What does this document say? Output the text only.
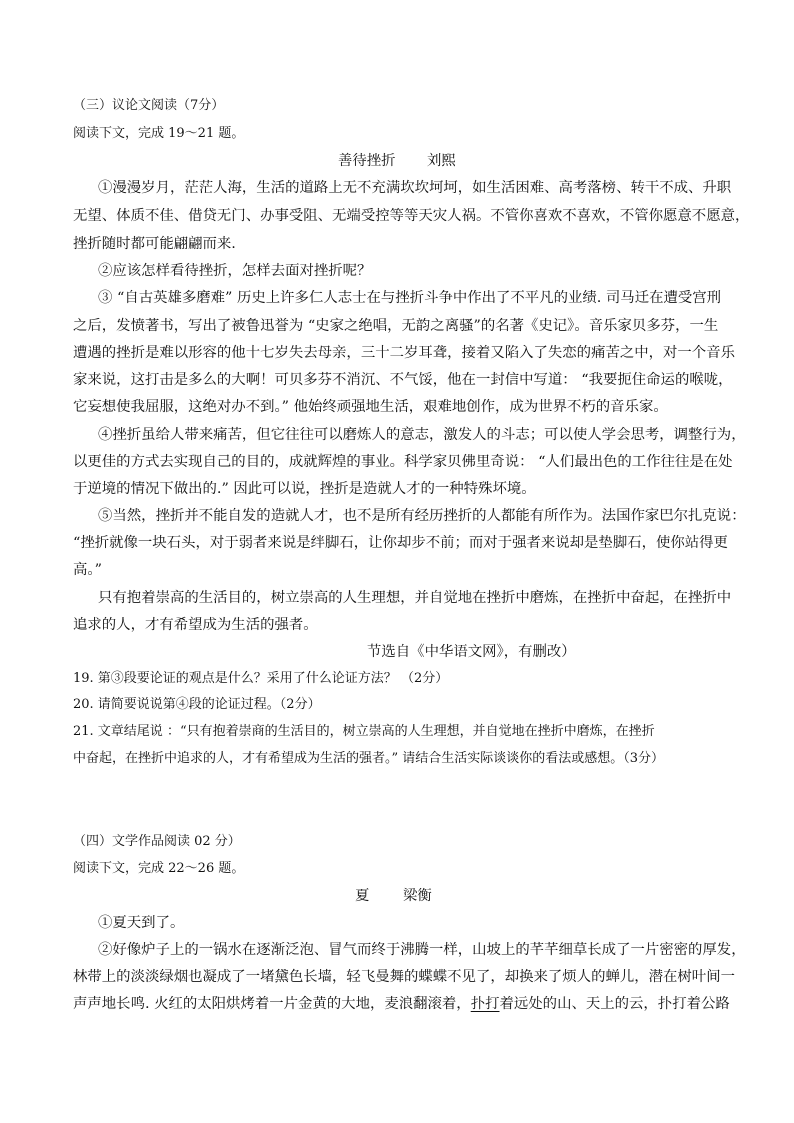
（三）议论文阅读（7分）
阅读下文，完成 19～21 题。
善待挫折 刘熙
①漫漫岁月，茫茫人海，生活的道路上无不充满坎坎坷坷，如生活困难、高考落榜、转干不成、升职
无望、体质不佳、借贷无门、办事受阻、无端受控等等天灾人祸。不管你喜欢不喜欢，不管你愿意不愿意，
挫折随时都可能翩翩而来.
②应该怎样看待挫折，怎样去面对挫折呢？
③ “自古英雄多磨难” 历史上许多仁人志士在与挫折斗争中作出了不平凡的业绩. 司马迁在遭受宫刑
之后，发愤著书，写出了被鲁迅誉为 “史家之绝唱，无韵之离骚”的名著《史记》。音乐家贝多芬，一生
遭遇的挫折是难以形容的他十七岁失去母亲，三十二岁耳聋，接着又陷入了失恋的痛苦之中，对一个音乐
家来说，这打击是多么的大啊！可贝多芬不消沉、不气馁，他在一封信中写道： “我要扼住命运的喉咙，
它妄想使我屈服，这绝对办不到。” 他始终顽强地生活，艰难地创作，成为世界不朽的音乐家。
④挫折虽给人带来痛苦，但它往往可以磨炼人的意志，激发人的斗志；可以使人学会思考，调整行为，
以更佳的方式去实现自己的目的，成就辉煌的事业。科学家贝佛里奇说： “人们最出色的工作往往是在处
于逆境的情况下做出的.” 因此可以说，挫折是造就人才的一种特殊坏境。
⑤当然，挫折并不能自发的造就人才，也不是所有经历挫折的人都能有所作为。法国作家巴尔扎克说：
“挫折就像一块石头，对于弱者来说是绊脚石，让你却步不前；而对于强者来说却是垫脚石，使你站得更
高。”
只有抱着崇高的生活目的，树立崇高的人生理想，并自觉地在挫折中磨炼，在挫折中奋起，在挫折中
追求的人，才有希望成为生活的强者。
节选自《中华语文网》，有删改）
19. 第③段要论证的观点是什么？采用了什么论证方法？ （2分）
20. 请简要说说第④段的论证过程。（2分）
21. 文章结尾说 ：“只有抱着崇商的生活目的，树立崇高的人生理想，并自觉地在挫折中磨炼，在挫折
中奋起，在挫折中追求的人，才有希望成为生活的强者。” 请结合生活实际谈谈你的看法或感想。（3分）
（四）文学作品阅读 02 分）
阅读下文，完成 22～26 题。
夏 梁衡
①夏天到了。
②好像炉子上的一锅水在逐渐泛泡、冒气而终于沸腾一样，山坡上的芊芊细草长成了一片密密的厚发，
林带上的淡淡绿烟也凝成了一堵黛色长墙，轻飞曼舞的蝶蝶不见了，却换来了烦人的蝉儿，潜在树叶间一
声声地长鸣. 火红的太阳烘烤着一片金黄的大地，麦浪翻滚着，扑打着远处的山、天上的云，扑打着公路
